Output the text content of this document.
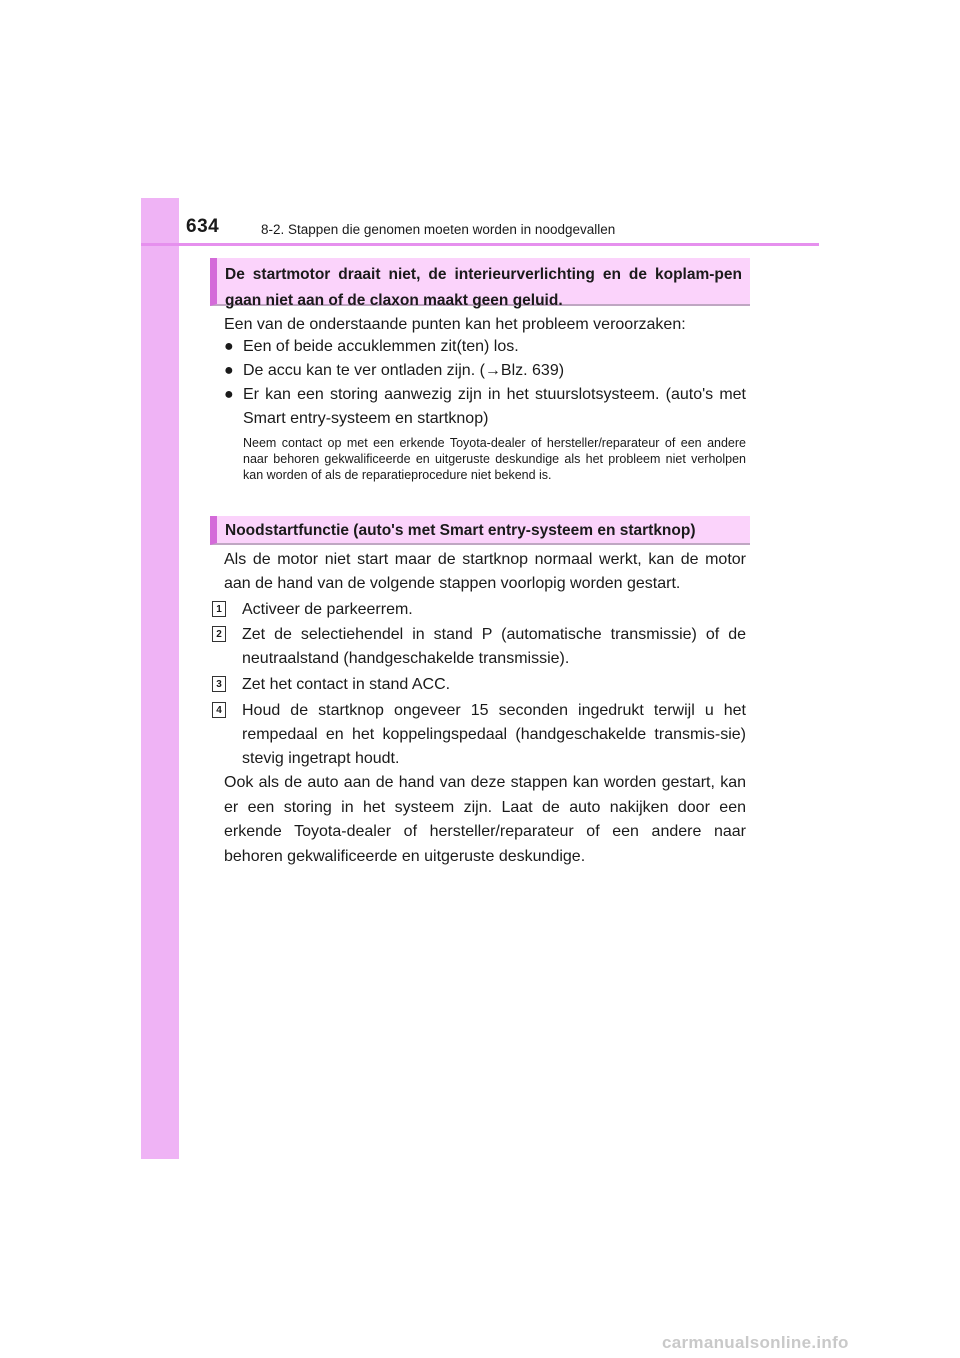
634	8-2. Stappen die genomen moeten worden in noodgevallen
De startmotor draait niet, de interieurverlichting en de koplam-pen gaan niet aan of de claxon maakt geen geluid.
Een van de onderstaande punten kan het probleem veroorzaken:
● Een of beide accuklemmen zit(ten) los.
● De accu kan te ver ontladen zijn. (→Blz. 639)
● Er kan een storing aanwezig zijn in het stuurslotsysteem. (auto's met Smart entry-systeem en startknop)
Neem contact op met een erkende Toyota-dealer of hersteller/reparateur of een andere naar behoren gekwalificeerde en uitgeruste deskundige als het probleem niet verholpen kan worden of als de reparatieprocedure niet bekend is.
Noodstartfunctie (auto's met Smart entry-systeem en startknop)
Als de motor niet start maar de startknop normaal werkt, kan de motor aan de hand van de volgende stappen voorlopig worden gestart.
1 Activeer de parkeerrem.
2 Zet de selectiehendel in stand P (automatische transmissie) of de neutraalstand (handgeschakelde transmissie).
3 Zet het contact in stand ACC.
4 Houd de startknop ongeveer 15 seconden ingedrukt terwijl u het rempedaal en het koppelingspedaal (handgeschakelde transmis-sie) stevig ingetrapt houdt.
Ook als de auto aan de hand van deze stappen kan worden gestart, kan er een storing in het systeem zijn. Laat de auto nakijken door een erkende Toyota-dealer of hersteller/reparateur of een andere naar behoren gekwalificeerde en uitgeruste deskundige.
carmanualsonline.info
